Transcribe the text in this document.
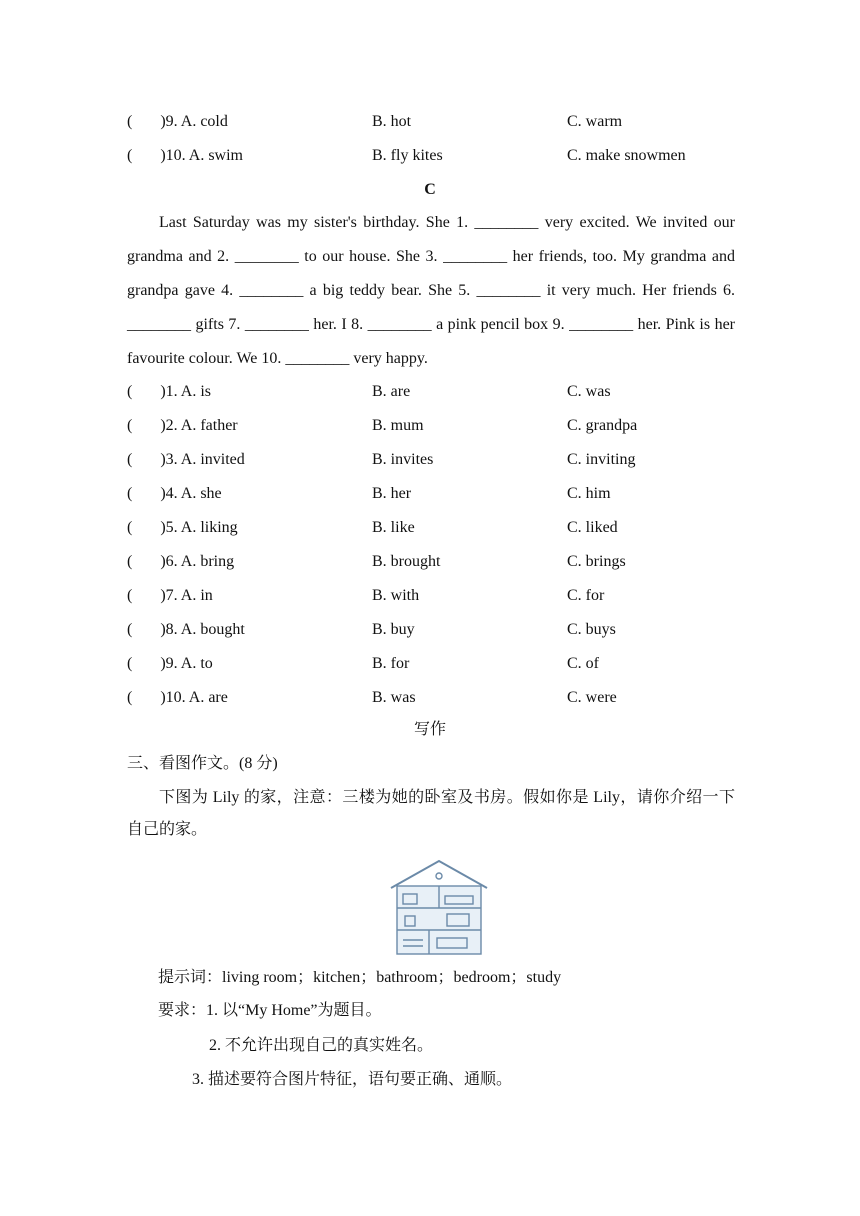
(       )9. A. cold	B. hot	C. warm
(       )10. A. swim	B. fly kites	C. make snowmen
C

Last Saturday was my sister's birthday. She 1. ________ very excited. We invited our grandma and 2. ________ to our house. She 3. ________ her friends, too. My grandma and grandpa gave 4. ________ a big teddy bear. She 5. ________ it very much. Her friends 6. ________ gifts 7. ________ her. I 8. ________ a pink pencil box 9. ________ her. Pink is her favourite colour. We 10. ________ very happy.

(       )1. A. is	B. are	C. was
(       )2. A. father	B. mum	C. grandpa
(       )3. A. invited	B. invites	C. inviting
(       )4. A. she	B. her	C. him
(       )5. A. liking	B. like	C. liked
(       )6. A. bring	B. brought	C. brings
(       )7. A. in	B. with	C. for
(       )8. A. bought	B. buy	C. buys
(       )9. A. to	B. for	C. of
(       )10. A. are	B. was	C. were
写作
三、看图作文。(8 分)

下图为 Lily 的家，注意：三楼为她的卧室及书房。假如你是 Lily，请你介绍一下自己的家。

提示词：living room；kitchen；bathroom；bedroom；study
要求：1. 以“My Home”为题目。
2. 不允许出现自己的真实姓名。
3. 描述要符合图片特征，语句要正确、通顺。
